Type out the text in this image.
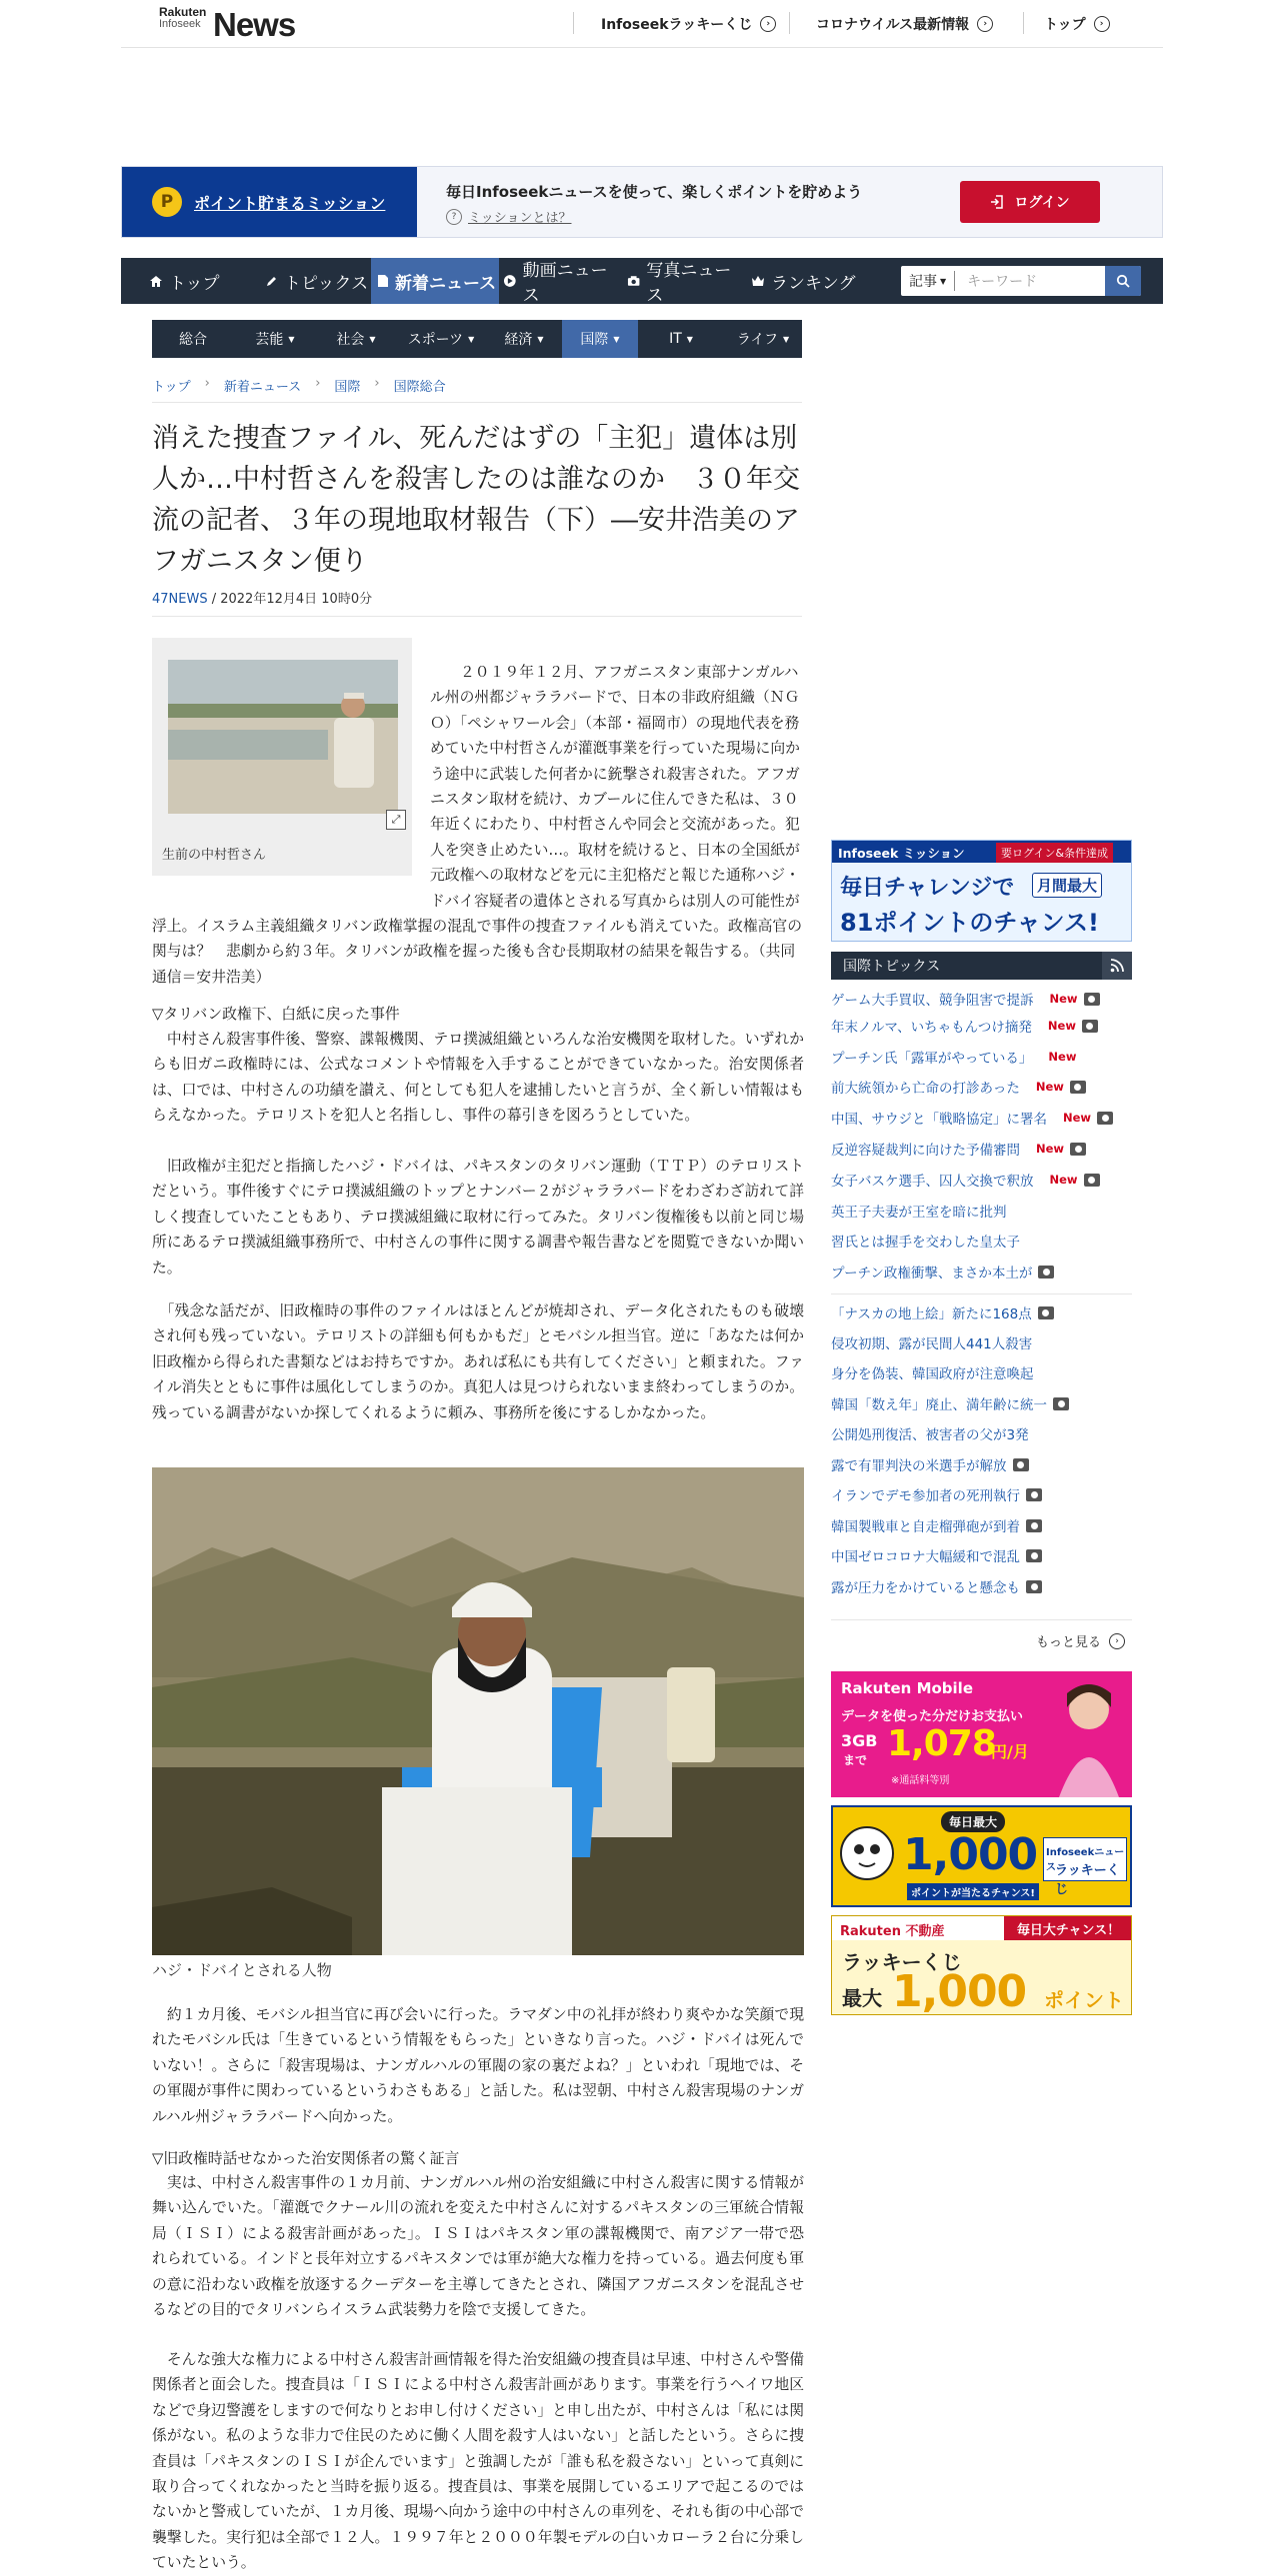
Rakuten
Infoseek News	Infoseekラッキーくじ	›	コロナウイルス最新情報	›	トップ	›
P	ポイント貯まるミッション
毎日Infoseekニュースを使って、楽しくポイントを貯めよう
? ミッションとは？
ログイン
トップ	トピックス 新着ニュース
動画ニュース
写真ニュース
ランキング	記事 ▼	キーワード
総合	芸能 ▼	社会 ▼ スポーツ ▼ 経済 ▼	国際 ▼	IT ▼	ライフ ▼
トップ › 新着ニュース › 国際 › 国際総合
消えた捜査ファイル、死んだはずの「主犯」遺体は別人か…中村哲さんを殺害したのは誰なのか　３０年交流の記者、３年の現地取材報告（下）―安井浩美のアフガニスタン便り
47NEWS / 2022年12月4日 10時0分
⤢
生前の中村哲さん
２０１９年１２月、アフガニスタン東部ナンガルハル州の州都ジャララバードで、日本の非政府組織（ＮＧＯ）「ペシャワール会」（本部・福岡市）の現地代表を務めていた中村哲さんが灌漑事業を行っていた現場に向かう途中に武装した何者かに銃撃され殺害された。アフガニスタン取材を続け、カブールに住んできた私は、３０年近くにわたり、中村哲さんや同会と交流があった。犯人を突き止めたい…。取材を続けると、日本の全国紙が元政権への取材などを元に主犯格だと報じた通称ハジ・ドバイ容疑者の遺体とされる写真からは別人の可能性が浮上。イスラム主義組織タリバン政権掌握の混乱で事件の捜査ファイルも消えていた。政権高官の関与は？　悲劇から約３年。タリバンが政権を握った後も含む長期取材の結果を報告する。（共同通信＝安井浩美）
▽タリバン政権下、白紙に戻った事件
　中村さん殺害事件後、警察、諜報機関、テロ撲滅組織といろんな治安機関を取材した。いずれからも旧ガニ政権時には、公式なコメントや情報を入手することができていなかった。治安関係者は、口では、中村さんの功績を讃え、何としても犯人を逮捕したいと言うが、全く新しい情報はもらえなかった。テロリストを犯人と名指しし、事件の幕引きを図ろうとしていた。
　旧政権が主犯だと指摘したハジ・ドバイは、パキスタンのタリバン運動（ＴＴＰ）のテロリストだという。事件後すぐにテロ撲滅組織のトップとナンバー２がジャララバードをわざわざ訪れて詳しく捜査していたこともあり、テロ撲滅組織に取材に行ってみた。タリバン復権後も以前と同じ場所にあるテロ撲滅組織事務所で、中村さんの事件に関する調書や報告書などを閲覧できないか聞いた。
　「残念な話だが、旧政権時の事件のファイルはほとんどが焼却され、データ化されたものも破壊され何も残っていない。テロリストの詳細も何もかもだ」とモバシル担当官。逆に「あなたは何か旧政権から得られた書類などはお持ちですか。あれば私にも共有してください」と頼まれた。ファイル消失とともに事件は風化してしまうのか。真犯人は見つけられないまま終わってしまうのか。残っている調書がないか探してくれるように頼み、事務所を後にするしかなかった。
ハジ・ドバイとされる人物
　約１カ月後、モバシル担当官に再び会いに行った。ラマダン中の礼拝が終わり爽やかな笑顔で現れたモバシル氏は「生きているという情報をもらった」といきなり言った。ハジ・ドバイは死んでいない！。さらに「殺害現場は、ナンガルハルの軍閥の家の裏だよね？」といわれ「現地では、その軍閥が事件に関わっているというわさもある」と話した。私は翌朝、中村さん殺害現場のナンガルハル州ジャララバードへ向かった。
▽旧政権時話せなかった治安関係者の驚く証言
　実は、中村さん殺害事件の１カ月前、ナンガルハル州の治安組織に中村さん殺害に関する情報が舞い込んでいた。「灌漑でクナール川の流れを変えた中村さんに対するパキスタンの三軍統合情報局（ＩＳＩ）による殺害計画があった」。ＩＳＩはパキスタン軍の諜報機関で、南アジア一帯で恐れられている。インドと長年対立するパキスタンでは軍が絶大な権力を持っている。過去何度も軍の意に沿わない政権を放逐するクーデターを主導してきたとされ、隣国アフガニスタンを混乱させるなどの目的でタリバンらイスラム武装勢力を陰で支援してきた。
　そんな強大な権力による中村さん殺害計画情報を得た治安組織の捜査員は早速、中村さんや警備関係者と面会した。捜査員は「ＩＳＩによる中村さん殺害計画があります。事業を行うヘイワ地区などで身辺警護をしますので何なりとお申し付けください」と申し出たが、中村さんは「私には関係がない。私のような非力で住民のために働く人間を殺す人はいない」と話したという。さらに捜査員は「パキスタンのＩＳＩが企んでいます」と強調したが「誰も私を殺さない」といって真剣に取り合ってくれなかったと当時を振り返る。捜査員は、事業を展開しているエリアで起こるのではないかと警戒していたが、１カ月後、現場へ向かう途中の中村さんの車列を、それも街の中心部で襲撃した。実行犯は全部で１２人。１９９７年と２０００年製モデルの白いカローラ２台に分乗していたという。
Infoseek ミッション	要ログイン&条件達成
毎日チャレンジで	月間最大
81ポイントのチャンス!
国際トピックス
ゲーム大手買収、競争阻害で提訴 New
年末ノルマ、いちゃもんつけ摘発 New
プーチン氏「露軍がやっている」 New
前大統領から亡命の打診あった New
中国、サウジと「戦略協定」に署名 New
反逆容疑裁判に向けた予備審問 New
女子バスケ選手、囚人交換で釈放 New
英王子夫妻が王室を暗に批判
習氏とは握手を交わした皇太子
プーチン政権衝撃、まさか本土が
「ナスカの地上絵」新たに168点
侵攻初期、露が民間人441人殺害
身分を偽装、韓国政府が注意喚起
韓国「数え年」廃止、満年齢に統一
公開処刑復活、被害者の父が3発
露で有罪判決の米選手が解放
イランでデモ参加者の死刑執行
韓国製戦車と自走榴弾砲が到着
中国ゼロコロナ大幅緩和で混乱
露が圧力をかけていると懸念も
もっと見る	›
Rakuten Mobile
データを使った分だけお支払い
3GB
まで 1,078
円/月
※通話料等別
毎日最大
1,000
ポイントが当たるチャンス!
Infoseekニュース ラッキーくじ
Rakuten 不動産	毎日大チャンス！
ラッキーくじ
最大 1,000 ポイント
